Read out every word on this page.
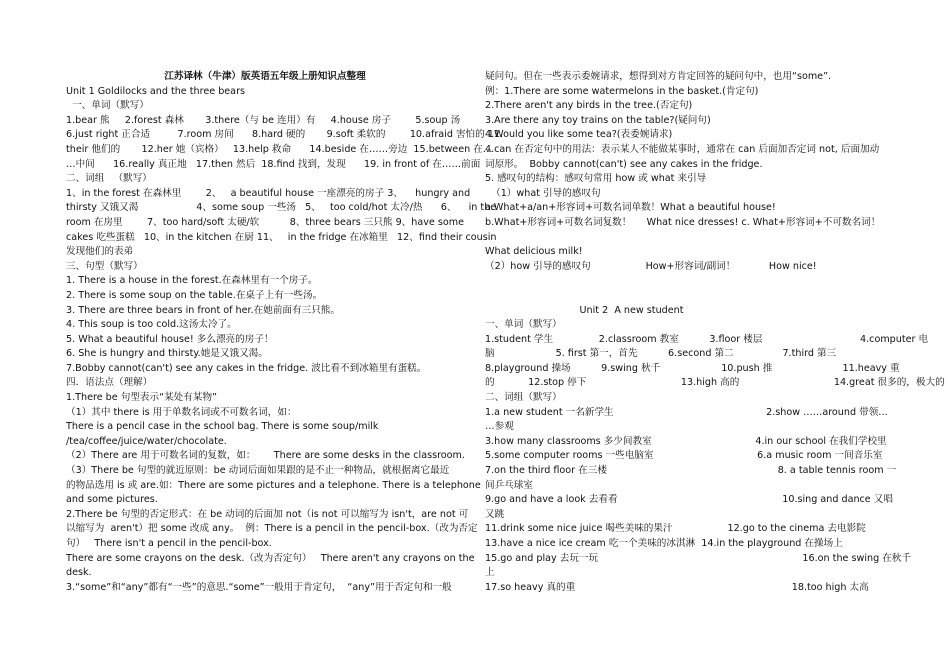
江苏译林（牛津）版英语五年级上册知识点整理
Unit 1 Goldilocks and the three bears
一、单词（默写）
1.bear 熊     2.forest 森林       3.there（与 be 连用）有     4.house 房子        5.soup 汤
6.just right 正合适         7.room 房间      8.hard 硬的       9.soft 柔软的        10.afraid 害怕的 11.
their 他们的       12.her 她（宾格）   13.help 救命      14.beside 在……旁边  15.between 在…
…中间      16.really 真正地   17.then 然后  18.find 找到，发现      19. in front of 在……前面
二、词组   （默写）
1、in the forest 在森林里        2、   a beautiful house 一座漂亮的房子 3、    hungry and
thirsty 又饿又渴                   4、some soup 一些汤   5、   too cold/hot 太冷/热      6、    in the
room 在房里        7、too hard/soft 太硬/软          8、three bears 三只熊 9、have some
cakes 吃些蛋糕   10、in the kitchen 在厨 11、   in the fridge 在冰箱里   12、find their cousin
发现他们的表弟
三、句型（默写）
1. There is a house in the forest.在森林里有一个房子。
2. There is some soup on the table.在桌子上有一些汤。
3. There are three bears in front of her.在她前面有三只熊。
4. This soup is too cold.这汤太冷了。
5. What a beautiful house! 多么漂亮的房子！
6. She is hungry and thirsty.她是又饿又渴。
7.Bobby cannot(can't) see any cakes in the fridge. 波比看不到冰箱里有蛋糕。
四．语法点（理解）
1.There be 句型表示“某处有某物”
（1）其中 there is 用于单数名词或不可数名词，如：
There is a pencil case in the school bag. There is some soup/milk
/tea/coffee/juice/water/chocolate.
（2）There are 用于可数名词的复数，如：      There are some desks in the classroom.
（3）There be 句型的就近原则：be 动词后面如果跟的是不止一种物品，就根据离它最近
的物品选用 is 或 are.如：There are some pictures and a telephone. There is a telephone
and some pictures.
2.There be 句型的否定形式：在 be 动词的后面加 not（is not 可以缩写为 isn't，are not 可
以缩写为  aren't）把 some 改成 any。  例：There is a pencil in the pencil-box.（改为否定
句）   There isn't a pencil in the pencil-box.
There are some crayons on the desk.（改为否定句）   There aren't any crayons on the
desk.
3.“some”和“any”都有“一些”的意思.“some”一般用于肯定句，  “any”用于否定句和一般
疑问句。但在一些表示委婉请求，想得到对方肯定回答的疑问句中，也用“some”.
例：1.There are some watermelons in the basket.(肯定句)
2.There aren't any birds in the tree.(否定句)
3.Are there any toy trains on the table?(疑问句)
4.Would you like some tea?(表委婉请求)
4.can 在否定句中的用法：表示某人不能做某事时，通常在 can 后面加否定词 not, 后面加动
词原形。  Bobby cannot(can't) see any cakes in the fridge.
5. 感叹句的结构：感叹句常用 how 或 what 来引导
（1）what 引导的感叹句
a.What+a/an+形容词+可数名词单数！What a beautiful house!
b.What+形容词+可数名词复数！     What nice dresses! c. What+形容词+不可数名词！
What delicious milk!
（2）how 引导的感叹句                  How+形容词/副词！           How nice!
Unit 2  A new student
一、单词（默写）
1.student 学生               2.classroom 教室          3.floor 楼层                                4.computer 电
脑                    5. first 第一，首先          6.second 第二                7.third 第三
8.playground 操场          9.swing 秋千                    10.push 推                       11.heavy 重
的           12.stop 停下                               13.high 高的                               14.great 很多的，极大的
二、词组（默写）
1.a new student 一名新学生                                                  2.show ……around 带领…
…参观
3.how many classrooms 多少间教室                                  4.in our school 在我们学校里
5.some computer rooms 一些电脑室                                  6.a music room 一间音乐室
7.on the third floor 在三楼                                                        8. a table tennis room 一
间乒乓球室
9.go and have a look 去看看                                                      10.sing and dance 又唱
又跳
11.drink some nice juice 喝些美味的果汁                  12.go to the cinema 去电影院
13.have a nice ice cream 吃一个美味的冰淇淋  14.in the playground 在操场上
15.go and play 去玩一玩                                                                   16.on the swing 在秋千
上
17.so heavy 真的重                                                                       18.too high 太高
